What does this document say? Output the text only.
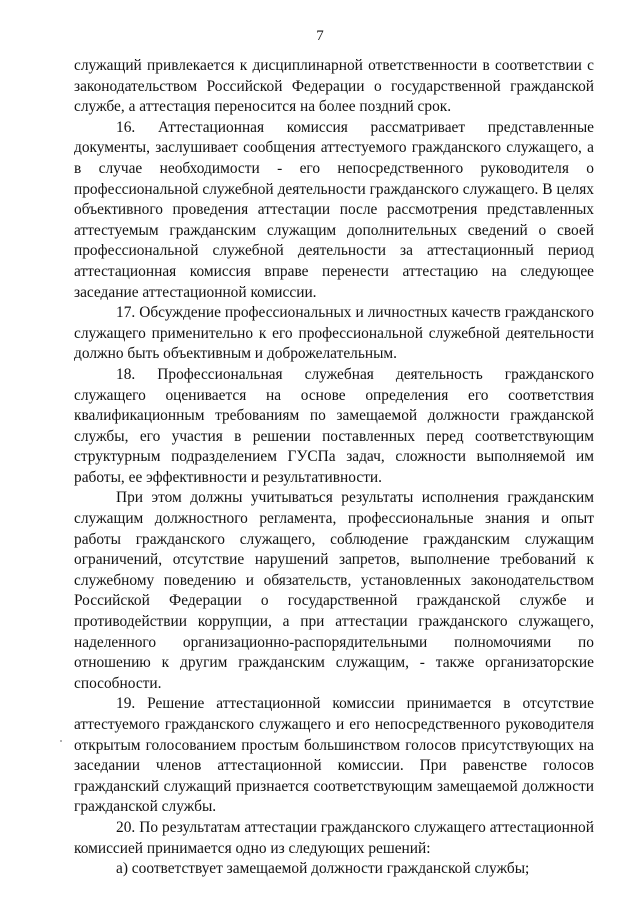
7

служащий привлекается к дисциплинарной ответственности в соответствии с законодательством Российской Федерации о государственной гражданской службе, а аттестация переносится на более поздний срок.

16. Аттестационная комиссия рассматривает представленные документы, заслушивает сообщения аттестуемого гражданского служащего, а в случае необходимости - его непосредственного руководителя о профессиональной служебной деятельности гражданского служащего. В целях объективного проведения аттестации после рассмотрения представленных аттестуемым гражданским служащим дополнительных сведений о своей профессиональной служебной деятельности за аттестационный период аттестационная комиссия вправе перенести аттестацию на следующее заседание аттестационной комиссии.

17. Обсуждение профессиональных и личностных качеств гражданского служащего применительно к его профессиональной служебной деятельности должно быть объективным и доброжелательным.

18. Профессиональная служебная деятельность гражданского служащего оценивается на основе определения его соответствия квалификационным требованиям по замещаемой должности гражданской службы, его участия в решении поставленных перед соответствующим структурным подразделением ГУСПа задач, сложности выполняемой им работы, ее эффективности и результативности.

При этом должны учитываться результаты исполнения гражданским служащим должностного регламента, профессиональные знания и опыт работы гражданского служащего, соблюдение гражданским служащим ограничений, отсутствие нарушений запретов, выполнение требований к служебному поведению и обязательств, установленных законодательством Российской Федерации о государственной гражданской службе и противодействии коррупции, а при аттестации гражданского служащего, наделенного организационно-распорядительными полномочиями по отношению к другим гражданским служащим, - также организаторские способности.

19. Решение аттестационной комиссии принимается в отсутствие аттестуемого гражданского служащего и его непосредственного руководителя открытым голосованием простым большинством голосов присутствующих на заседании членов аттестационной комиссии. При равенстве голосов гражданский служащий признается соответствующим замещаемой должности гражданской службы.

20. По результатам аттестации гражданского служащего аттестационной комиссией принимается одно из следующих решений:

а) соответствует замещаемой должности гражданской службы;
